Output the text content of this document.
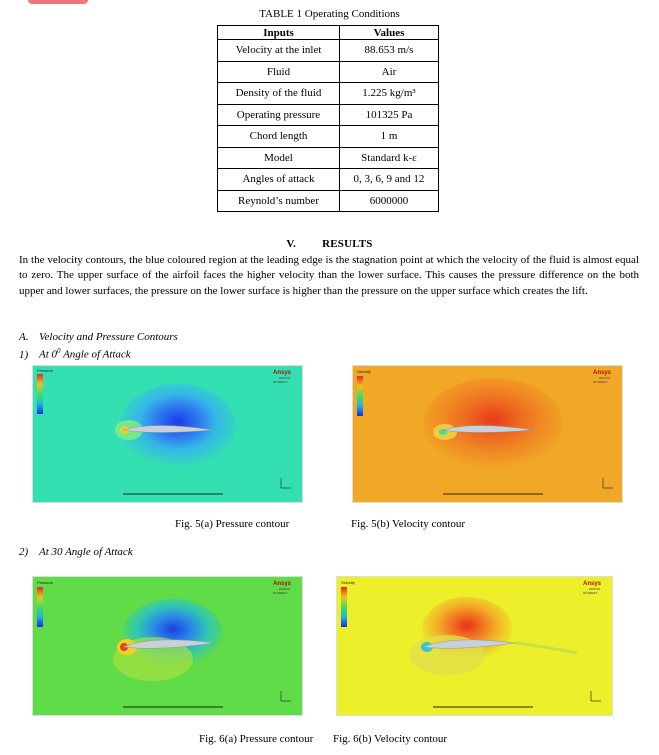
TABLE 1 Operating Conditions
Inputs	Values
Velocity at the inlet	88.653 m/s
Fluid	Air
Density of the fluid	1.225 kg/m³
Operating pressure	101325 Pa
Chord length	1 m
Model	Standard k-ε
Angles of attack	0, 3, 6, 9 and 12
Reynold’s number	6000000
V. RESULTS

In the velocity contours, the blue coloured region at the leading edge is the stagnation point at which the velocity of the fluid is almost equal to zero. The upper surface of the airfoil faces the higher velocity than the lower surface. This causes the pressure difference on the both upper and lower surfaces, the pressure on the lower surface is higher than the pressure on the upper surface which creates the lift.

A. Velocity and Pressure Contours
1) At $0^0$ Angle of Attack
Pressure	Ansys
2023 R1
STUDENT
Velocity	Ansys
2023 R1
STUDENT
Fig. 5(a) Pressure contour	Fig. 5(b) Velocity contour
2) At 30 Angle of Attack
Pressure	Ansys
2023 R1
STUDENT
Velocity	Ansys
2023 R1
STUDENT
Fig. 6(a) Pressure contour Fig. 6(b) Velocity contour
